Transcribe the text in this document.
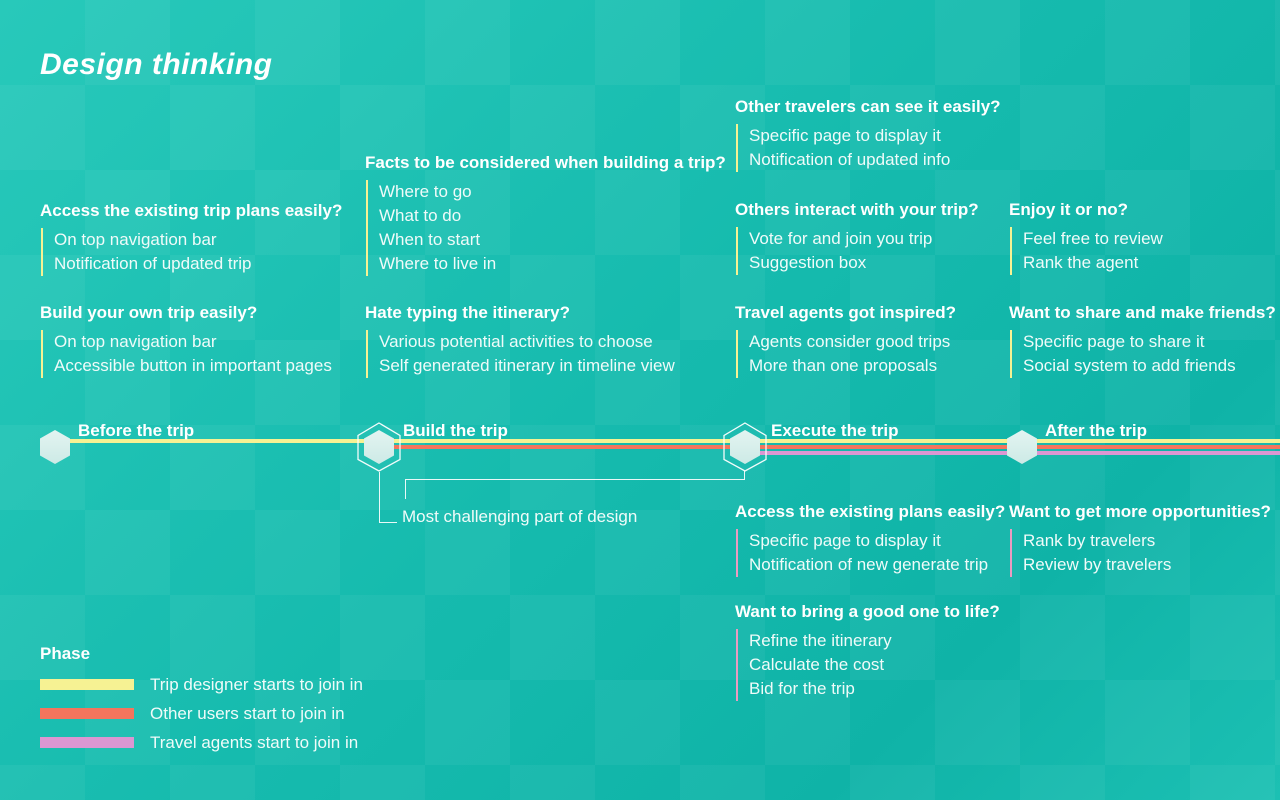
Design thinking
Access the existing trip plans easily?
On top navigation bar
Notification of updated trip
Build your own trip easily?
On top navigation bar
Accessible button in important pages
Facts to be considered when building a trip?
Where to go
What to do
When to start
Where to live in
Hate typing the itinerary?
Various potential activities to choose
Self generated itinerary in timeline view
Other travelers can see it easily?
Specific page to display it
Notification of updated info
Others interact with your trip?
Vote for and join you trip
Suggestion box
Travel agents got inspired?
Agents consider good trips
More than one proposals
Enjoy it or no?
Feel free to review
Rank the agent
Want to share and make friends?
Specific page to share it
Social system to add friends
Access the existing plans easily?
Specific page to display it
Notification of new generate trip
Want to bring a good one to life?
Refine the itinerary
Calculate the cost
Bid for the trip
Want to get more opportunities?
Rank by travelers
Review by travelers
Before the trip	Build the trip	Execute the trip	After the trip
Most challenging part of design
Phase
Trip designer starts to join in
Other users start to join in
Travel agents start to join in
